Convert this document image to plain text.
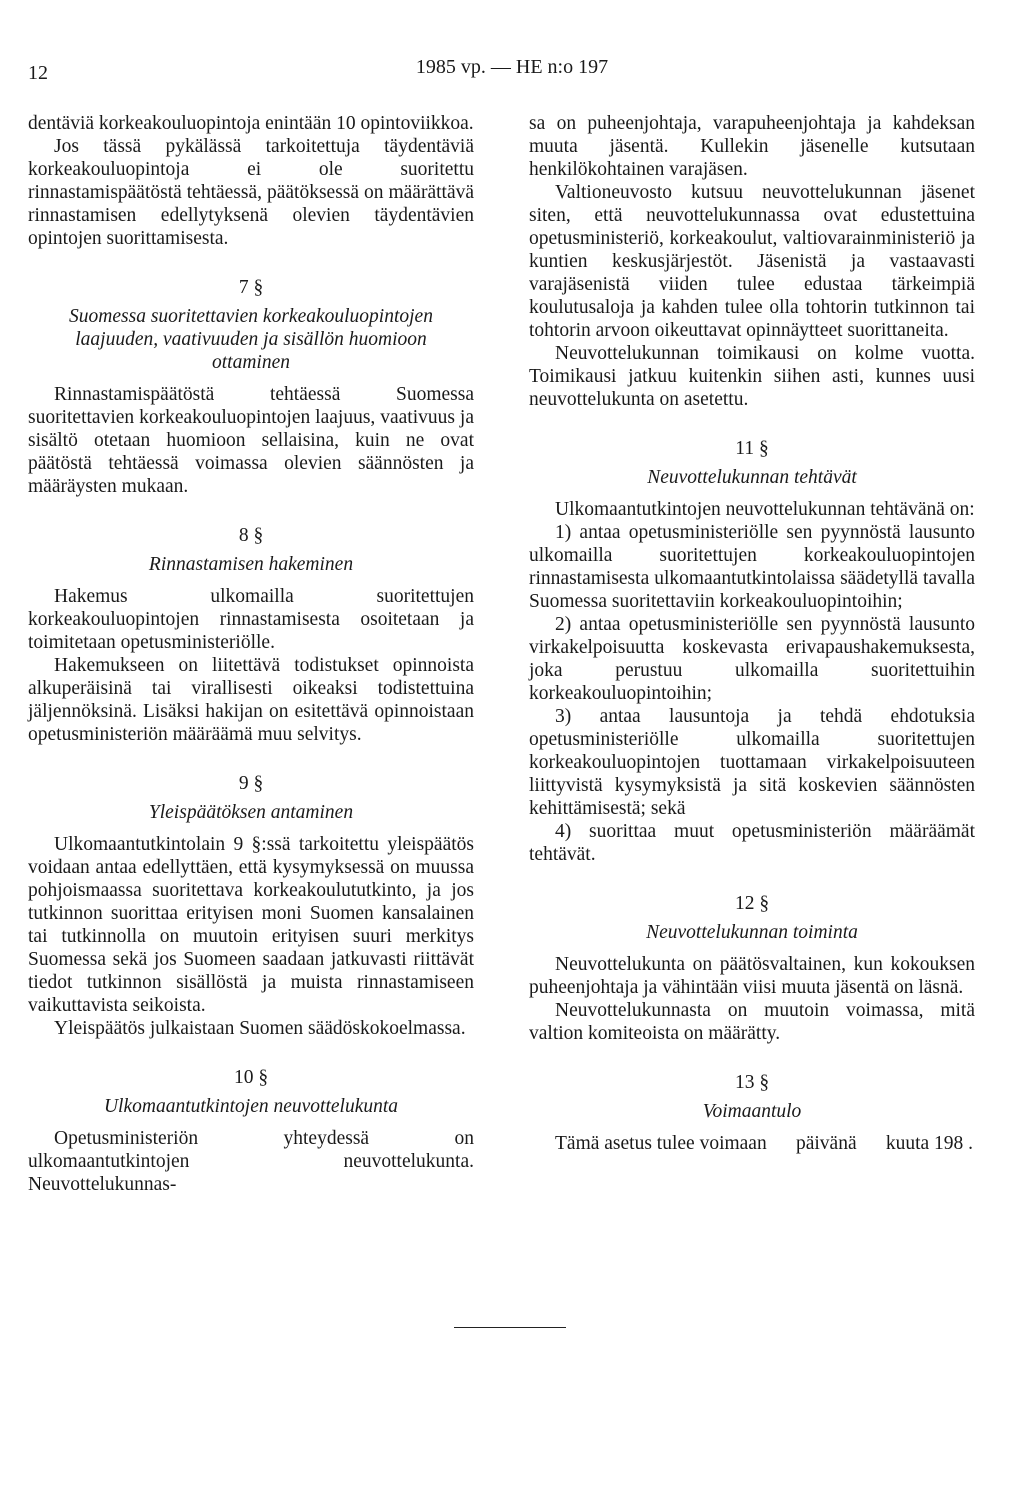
12	1985 vp. — HE n:o 197

dentäviä korkeakouluopintoja enintään 10 opintoviikkoa.

Jos tässä pykälässä tarkoitettuja täydentäviä korkeakouluopintoja ei ole suoritettu rinnastamispäätöstä tehtäessä, päätöksessä on määrättävä rinnastamisen edellytyksenä olevien täydentävien opintojen suorittamisesta.

7 §
Suomessa suoritettavien korkeakouluopintojen laajuuden, vaativuuden ja sisällön huomioon ottaminen

Rinnastamispäätöstä tehtäessä Suomessa suoritettavien korkeakouluopintojen laajuus, vaativuus ja sisältö otetaan huomioon sellaisina, kuin ne ovat päätöstä tehtäessä voimassa olevien säännösten ja määräysten mukaan.

8 §
Rinnastamisen hakeminen

Hakemus ulkomailla suoritettujen korkeakouluopintojen rinnastamisesta osoitetaan ja toimitetaan opetusministeriölle.

Hakemukseen on liitettävä todistukset opinnoista alkuperäisinä tai virallisesti oikeaksi todistettuina jäljennöksinä. Lisäksi hakijan on esitettävä opinnoistaan opetusministeriön määräämä muu selvitys.

9 §
Yleispäätöksen antaminen

Ulkomaantutkintolain 9 §:ssä tarkoitettu yleispäätös voidaan antaa edellyttäen, että kysymyksessä on muussa pohjoismaassa suoritettava korkeakoulututkinto, ja jos tutkinnon suorittaa erityisen moni Suomen kansalainen tai tutkinnolla on muutoin erityisen suuri merkitys Suomessa sekä jos Suomeen saadaan jatkuvasti riittävät tiedot tutkinnon sisällöstä ja muista rinnastamiseen vaikuttavista seikoista.

Yleispäätös julkaistaan Suomen säädöskokoelmassa.

10 §
Ulkomaantutkintojen neuvottelukunta

Opetusministeriön yhteydessä on ulkomaantutkintojen neuvottelukunta. Neuvottelukunnas-

sa on puheenjohtaja, varapuheenjohtaja ja kahdeksan muuta jäsentä. Kullekin jäsenelle kutsutaan henkilökohtainen varajäsen.

Valtioneuvosto kutsuu neuvottelukunnan jäsenet siten, että neuvottelukunnassa ovat edustettuina opetusministeriö, korkeakoulut, valtiovarainministeriö ja kuntien keskusjärjestöt. Jäsenistä ja vastaavasti varajäsenistä viiden tulee edustaa tärkeimpiä koulutusaloja ja kahden tulee olla tohtorin tutkinnon tai tohtorin arvoon oikeuttavat opinnäytteet suorittaneita.

Neuvottelukunnan toimikausi on kolme vuotta. Toimikausi jatkuu kuitenkin siihen asti, kunnes uusi neuvottelukunta on asetettu.

11 §
Neuvottelukunnan tehtävät

Ulkomaantutkintojen neuvottelukunnan tehtävänä on:

1) antaa opetusministeriölle sen pyynnöstä lausunto ulkomailla suoritettujen korkeakouluopintojen rinnastamisesta ulkomaantutkintolaissa säädetyllä tavalla Suomessa suoritettaviin korkeakouluopintoihin;

2) antaa opetusministeriölle sen pyynnöstä lausunto virkakelpoisuutta koskevasta erivapaushakemuksesta, joka perustuu ulkomailla suoritettuihin korkeakouluopintoihin;

3) antaa lausuntoja ja tehdä ehdotuksia opetusministeriölle ulkomailla suoritettujen korkeakouluopintojen tuottamaan virkakelpoisuuteen liittyvistä kysymyksistä ja sitä koskevien säännösten kehittämisestä; sekä

4) suorittaa muut opetusministeriön määräämät tehtävät.

12 §
Neuvottelukunnan toiminta

Neuvottelukunta on päätösvaltainen, kun kokouksen puheenjohtaja ja vähintään viisi muuta jäsentä on läsnä.

Neuvottelukunnasta on muutoin voimassa, mitä valtion komiteoista on määrätty.

13 §
Voimaantulo

Tämä asetus tulee voimaan      päivänä      kuuta 198 .
